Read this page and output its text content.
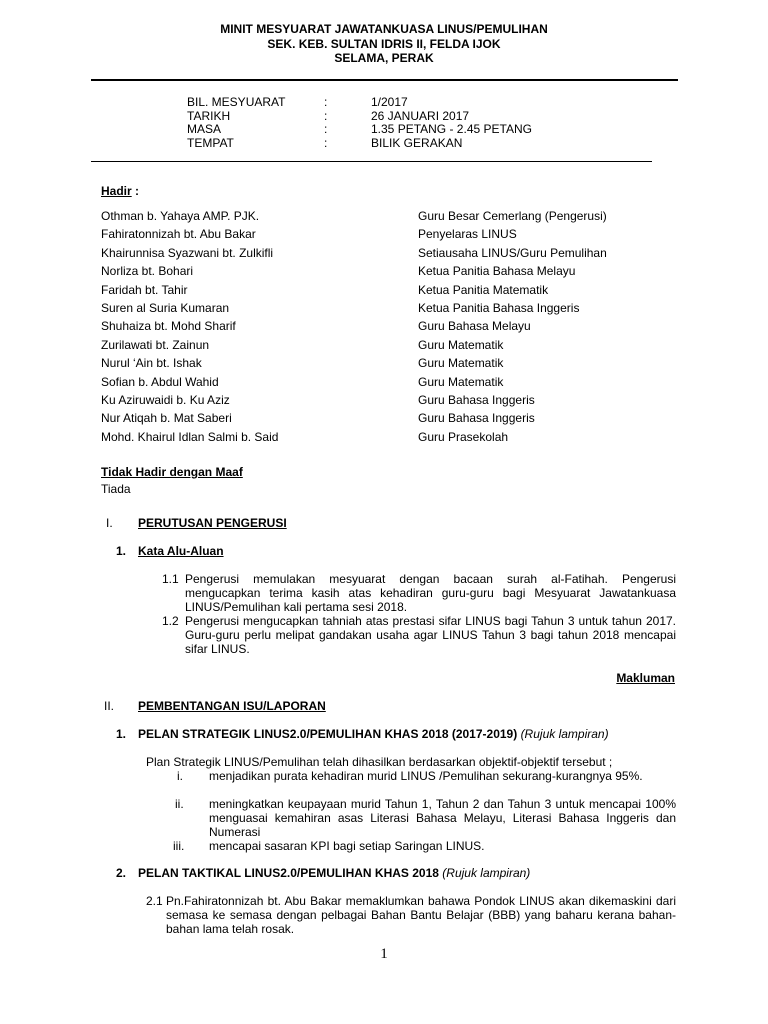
MINIT MESYUARAT JAWATANKUASA LINUS/PEMULIHAN
SEK. KEB. SULTAN IDRIS II, FELDA IJOK
SELAMA, PERAK
BIL. MESYUARAT	:	1/2017
TARIKH	:	26 JANUARI 2017
MASA	:	1.35 PETANG - 2.45 PETANG
TEMPAT	:	BILIK GERAKAN
Hadir :
Othman b. Yahaya AMP. PJK.	Guru Besar Cemerlang (Pengerusi)
Fahiratonnizah bt. Abu Bakar	Penyelaras LINUS
Khairunnisa Syazwani bt. Zulkifli	Setiausaha LINUS/Guru Pemulihan
Norliza bt. Bohari	Ketua Panitia Bahasa Melayu
Faridah bt. Tahir	Ketua Panitia Matematik
Suren al Suria Kumaran	Ketua Panitia Bahasa Inggeris
Shuhaiza bt. Mohd Sharif	Guru Bahasa Melayu
Zurilawati bt. Zainun	Guru Matematik
Nurul ‘Ain bt. Ishak	Guru Matematik
Sofian b. Abdul Wahid	Guru Matematik
Ku Aziruwaidi b. Ku Aziz	Guru Bahasa Inggeris
Nur Atiqah b. Mat Saberi	Guru Bahasa Inggeris
Mohd. Khairul Idlan Salmi b. Said	Guru Prasekolah
Tidak Hadir dengan Maaf
Tiada
I. PERUTUSAN PENGERUSI
1. Kata Alu-Aluan
1.1 Pengerusi memulakan mesyuarat dengan bacaan surah al-Fatihah. Pengerusi mengucapkan terima kasih atas kehadiran guru-guru bagi Mesyuarat Jawatankuasa LINUS/Pemulihan kali pertama sesi 2018.
1.2 Pengerusi mengucapkan tahniah atas prestasi sifar LINUS bagi Tahun 3 untuk tahun 2017. Guru-guru perlu melipat gandakan usaha agar LINUS Tahun 3 bagi tahun 2018 mencapai sifar LINUS.
Makluman
II. PEMBENTANGAN ISU/LAPORAN
1. PELAN STRATEGIK LINUS2.0/PEMULIHAN KHAS 2018 (2017-2019) (Rujuk lampiran)
Plan Strategik LINUS/Pemulihan telah dihasilkan berdasarkan objektif-objektif tersebut ;
i. menjadikan purata kehadiran murid LINUS /Pemulihan sekurang-kurangnya 95%.
ii. meningkatkan keupayaan murid Tahun 1, Tahun 2 dan Tahun 3 untuk mencapai 100% menguasai kemahiran asas Literasi Bahasa Melayu, Literasi Bahasa Inggeris dan Numerasi
iii. mencapai sasaran KPI bagi setiap Saringan LINUS.
2. PELAN TAKTIKAL LINUS2.0/PEMULIHAN KHAS 2018 (Rujuk lampiran)
2.1 Pn.Fahiratonnizah bt. Abu Bakar memaklumkan bahawa Pondok LINUS akan dikemaskini dari semasa ke semasa dengan pelbagai Bahan Bantu Belajar (BBB) yang baharu kerana bahan-bahan lama telah rosak.
1
